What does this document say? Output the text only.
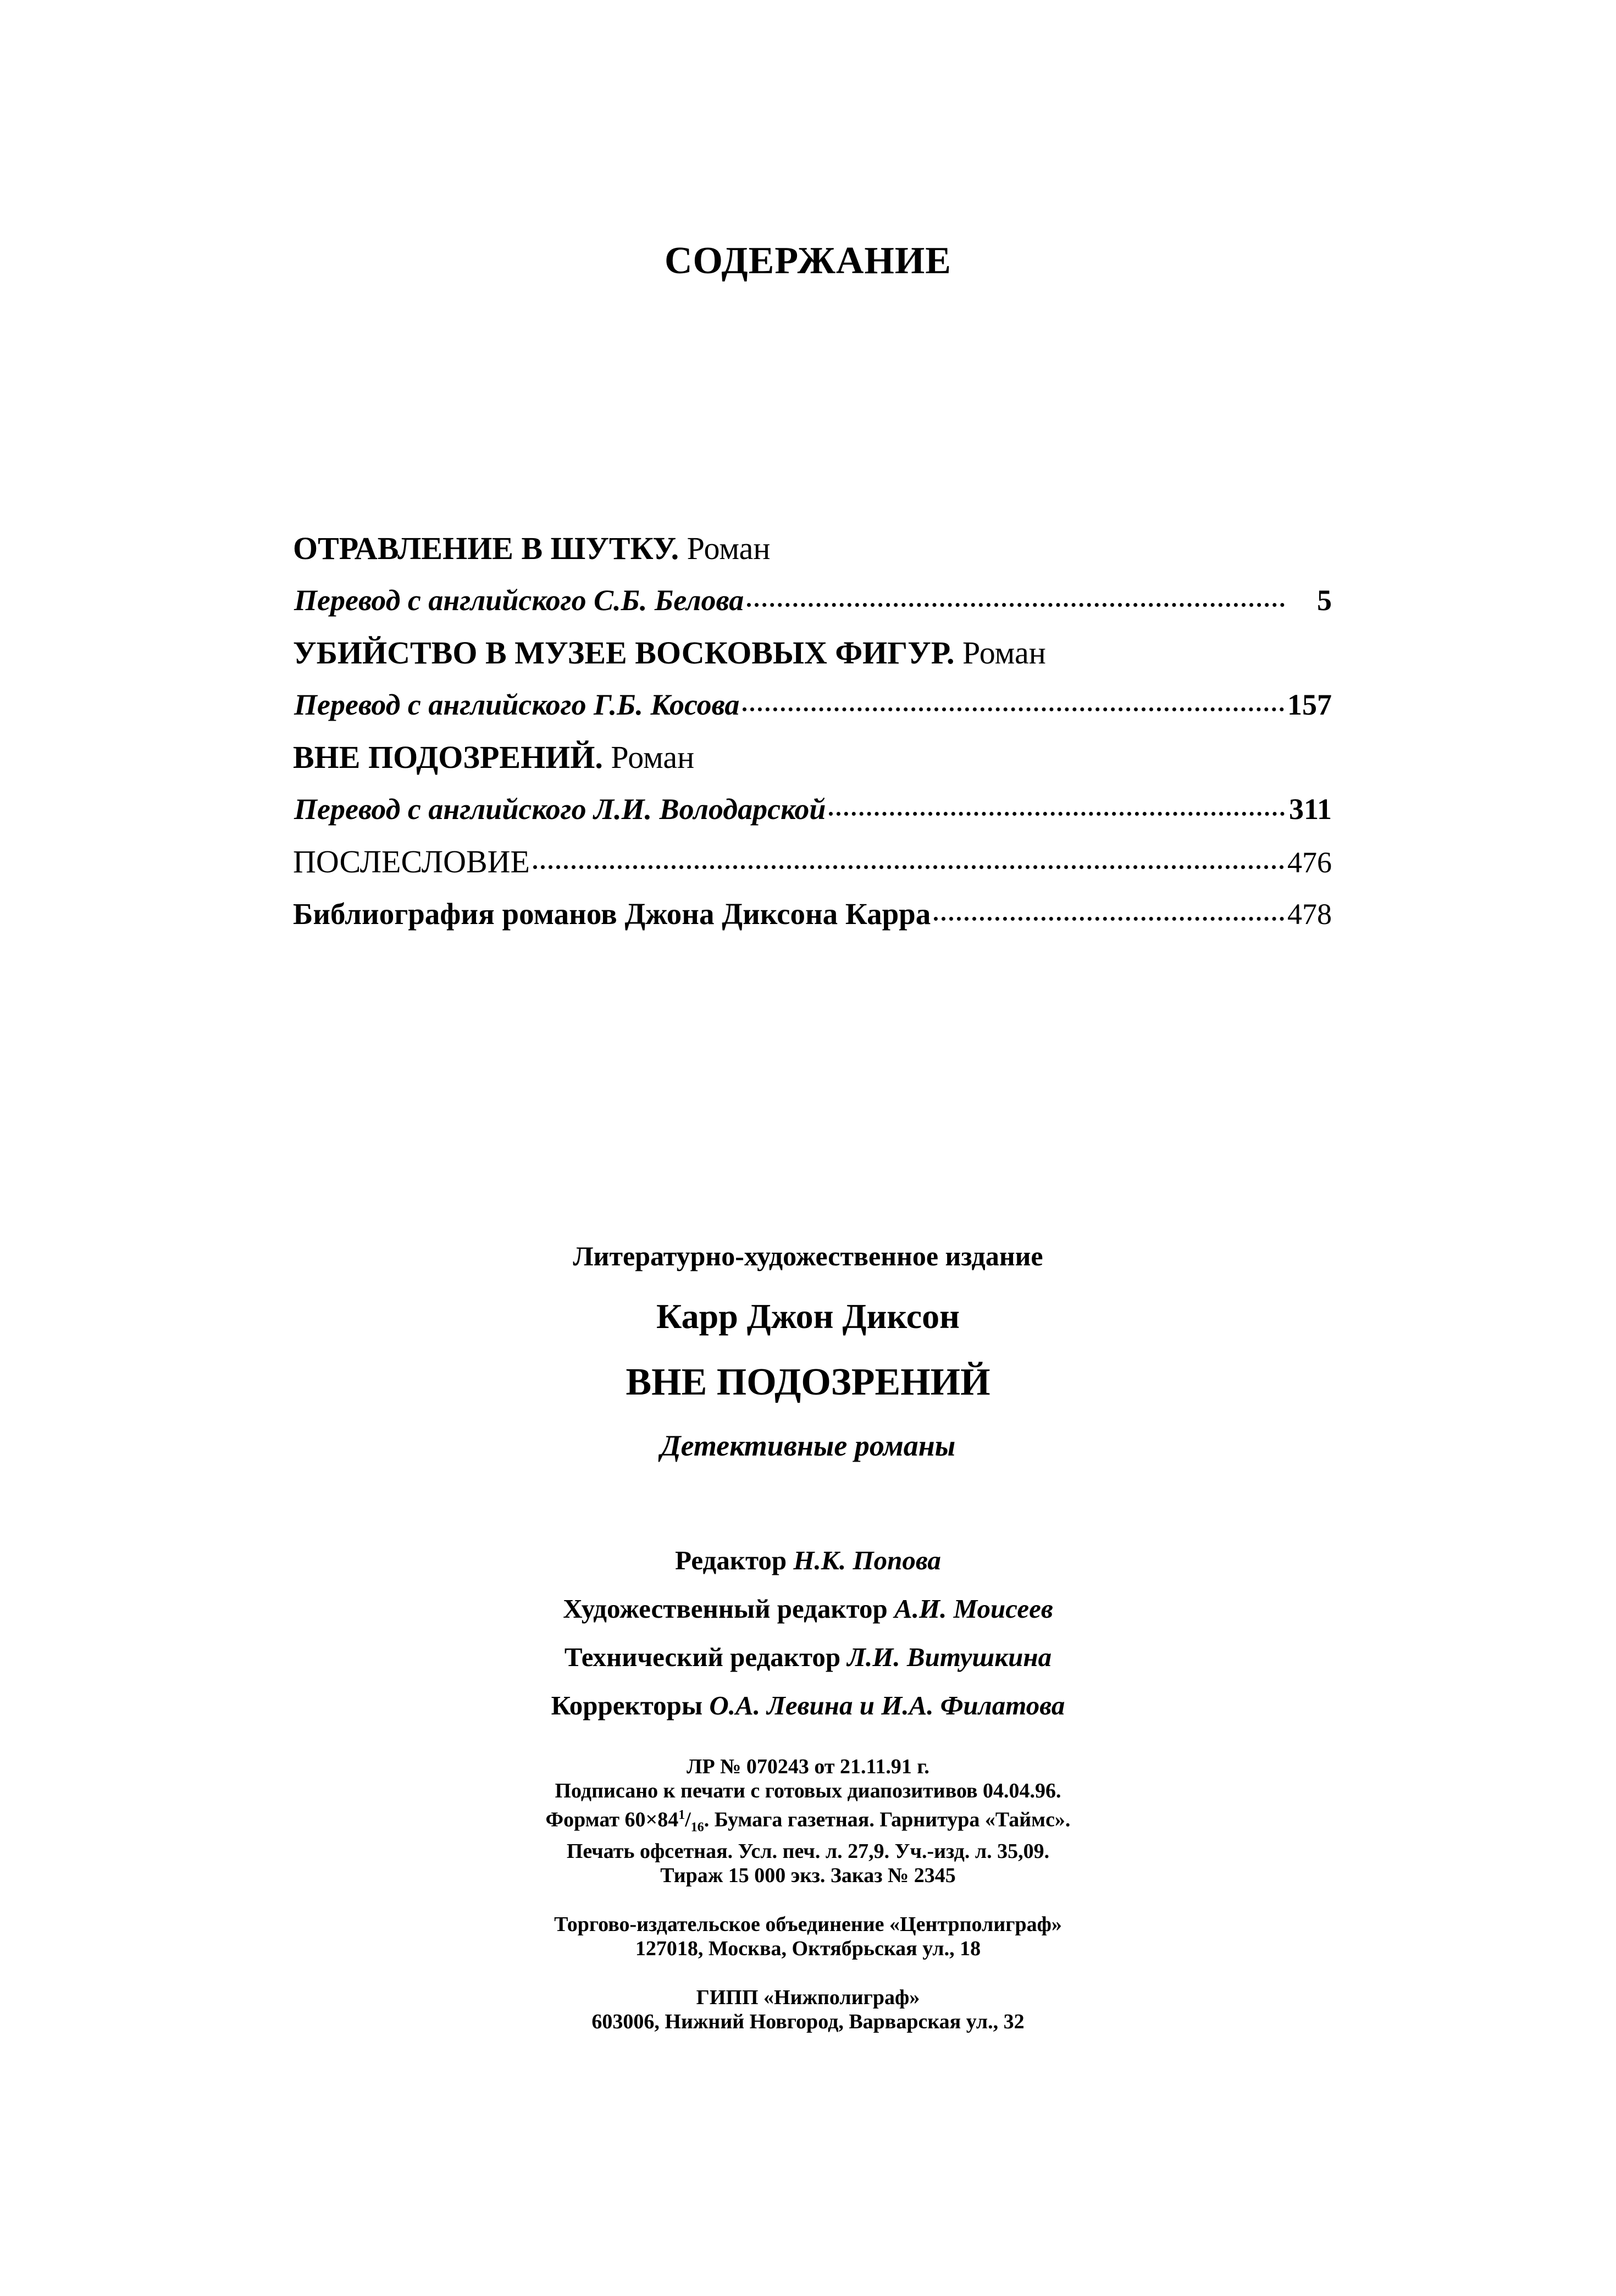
СОДЕРЖАНИЕ
ОТРАВЛЕНИЕ В ШУТКУ.
Роман
Перевод с английского С.Б. Белова	5
УБИЙСТВО В МУЗЕЕ ВОСКОВЫХ ФИГУР.
Роман
Перевод с английского Г.Б. Косова	157
ВНЕ ПОДОЗРЕНИЙ.
Роман
Перевод с английского Л.И. Володарской	311
ПОСЛЕСЛОВИЕ	476
Библиография романов Джона Диксона Карра	478
Литературно-художественное издание
Карр Джон Диксон
ВНЕ ПОДОЗРЕНИЙ
Детективные романы
Редактор Н.К. Попова
Художественный редактор А.И. Моисеев
Технический редактор Л.И. Витушкина
Корректоры О.А. Левина и И.А. Филатова
ЛР № 070243 от 21.11.91 г.
Подписано к печати с готовых диапозитивов 04.04.96.
Формат $60\times 84^1/_{16}$. Бумага газетная. Гарнитура «Таймс».
Печать офсетная. Усл. печ. л. 27,9. Уч.-изд. л. 35,09.
Тираж 15 000 экз. Заказ № 2345
Торгово-издательское объединение «Центрполиграф»
127018, Москва, Октябрьская ул., 18
ГИПП «Нижполиграф»
603006, Нижний Новгород, Варварская ул., 32
